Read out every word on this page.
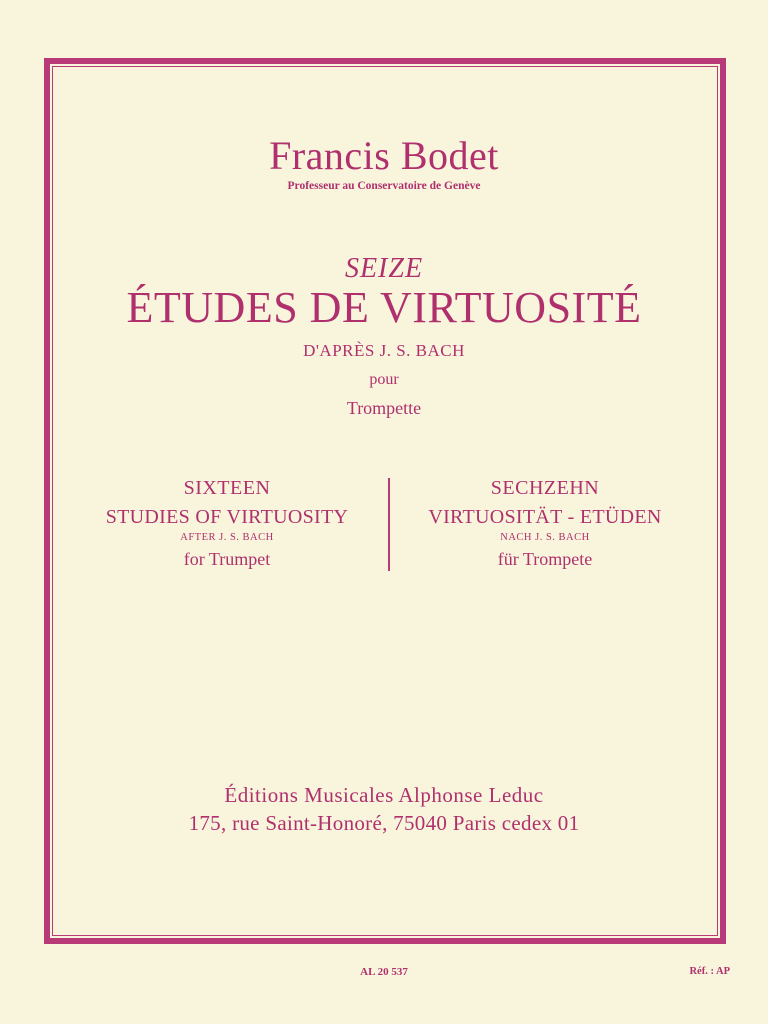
Francis Bodet
Professeur au Conservatoire de Genève
SEIZE
ÉTUDES DE VIRTUOSITÉ
D'APRÈS J. S. BACH
pour
Trompette
SIXTEEN
STUDIES OF VIRTUOSITY
AFTER J. S. BACH
for Trumpet
SECHZEHN
VIRTUOSITÄT - ETÜDEN
NACH J. S. BACH
für Trompete
Éditions Musicales Alphonse Leduc
175, rue Saint-Honoré, 75040 Paris cedex 01
AL 20 537	Réf. : AP
